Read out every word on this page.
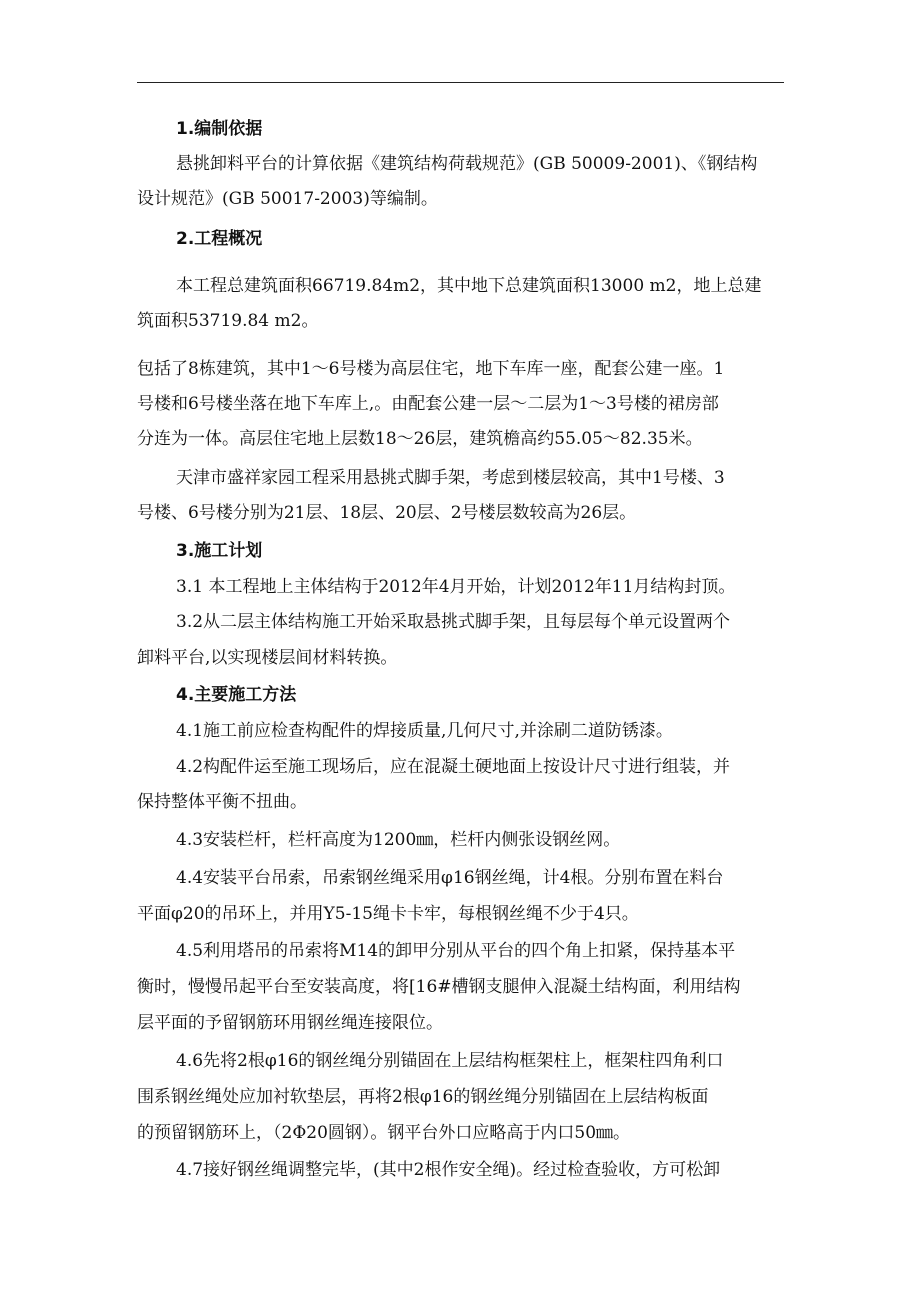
1.编制依据
悬挑卸料平台的计算依据《建筑结构荷载规范》(GB 50009-2001)、《钢结构
设计规范》(GB 50017-2003)等编制。
2.工程概况
本工程总建筑面积66719.84m2，其中地下总建筑面积13000 m2，地上总建
筑面积53719.84 m2。
包括了8栋建筑，其中1～6号楼为高层住宅，地下车库一座，配套公建一座。1
号楼和6号楼坐落在地下车库上,。由配套公建一层～二层为1～3号楼的裙房部
分连为一体。高层住宅地上层数18～26层，建筑檐高约55.05～82.35米。
天津市盛祥家园工程采用悬挑式脚手架，考虑到楼层较高，其中1号楼、3
号楼、6号楼分别为21层、18层、20层、2号楼层数较高为26层。
3.施工计划
3.1 本工程地上主体结构于2012年4月开始，计划2012年11月结构封顶。
3.2从二层主体结构施工开始采取悬挑式脚手架，且每层每个单元设置两个
卸料平台,以实现楼层间材料转换。
4.主要施工方法
4.1施工前应检查构配件的焊接质量,几何尺寸,并涂刷二道防锈漆。
4.2构配件运至施工现场后，应在混凝土硬地面上按设计尺寸进行组装，并
保持整体平衡不扭曲。
4.3安装栏杆，栏杆高度为1200㎜，栏杆内侧张设钢丝网。
4.4安装平台吊索，吊索钢丝绳采用φ16钢丝绳，计4根。分别布置在料台
平面φ20的吊环上，并用Y5-15绳卡卡牢，每根钢丝绳不少于4只。
4.5利用塔吊的吊索将M14的卸甲分别从平台的四个角上扣紧，保持基本平
衡时，慢慢吊起平台至安装高度，将[16#槽钢支腿伸入混凝土结构面，利用结构
层平面的予留钢筋环用钢丝绳连接限位。
4.6先将2根φ16的钢丝绳分别锚固在上层结构框架柱上，框架柱四角利口
围系钢丝绳处应加衬软垫层，再将2根φ16的钢丝绳分别锚固在上层结构板面
的预留钢筋环上，（2Φ20圆钢）。钢平台外口应略高于内口50㎜。
4.7接好钢丝绳调整完毕，(其中2根作安全绳)。经过检查验收，方可松卸
